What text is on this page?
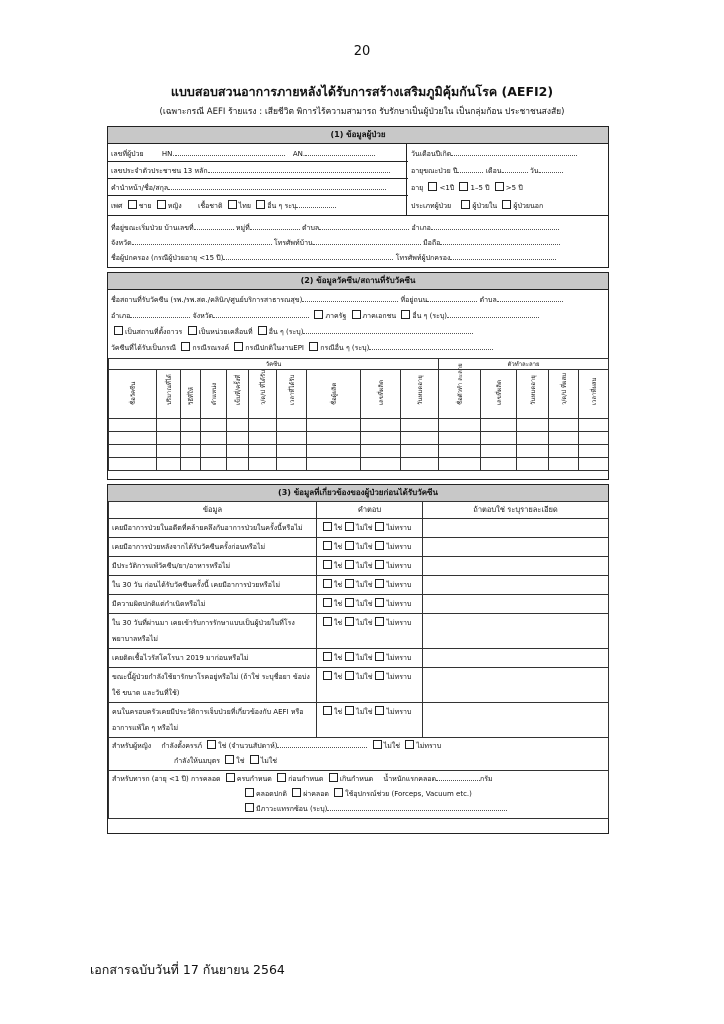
20
แบบสอบสวนอาการภายหลังได้รับการสร้างเสริมภูมิคุ้มกันโรค (AEFI2)
(เฉพาะกรณี AEFI ร้ายแรง : เสียชีวิต พิการไร้ความสามารถ รับรักษาเป็นผู้ป่วยใน เป็นกลุ่มก้อน ประชาชนสงสัย)
(1) ข้อมูลผู้ป่วย
เลขที่ผู้ป่วย	HN.	AN.	วันเดือนปีเกิด
เลขประจำตัวประชาชน 13 หลัก	อายุขณะป่วย ปี	เดือน	วัน
คำนำหน้า/ชื่อ/สกุล	อายุ <1ปี 1–5 ปี >5 ปี
เพศ ชาย หญิง เชื้อชาติ ไทย อื่น ๆ ระบุ	ประเภทผู้ป่วย	ผู้ป่วยใน ผู้ป่วยนอก
ที่อยู่ขณะเริ่มป่วย บ้านเลขที่	หมู่ที่	ตำบล	อำเภอ
จังหวัด	โทรศัพท์บ้าน	มือถือ
ชื่อผู้ปกครอง (กรณีผู้ป่วยอายุ <15 ปี)	โทรศัพท์ผู้ปกครอง
(2) ข้อมูลวัคซีน/สถานที่รับวัคซีน
ชื่อสถานที่รับวัคซีน (รพ./รพ.สต./คลินิก/ศูนย์บริการสาธารณสุข)	ที่อยู่ถนน	ตำบล
อำเภอ	จังหวัด	ภาครัฐ ภาคเอกชน อื่น ๆ (ระบุ)
เป็นสถานที่ตั้งถาวร เป็นหน่วยเคลื่อนที่ อื่น ๆ (ระบุ)
วัคซีนที่ได้รับเป็นกรณี กรณีรณรงค์ กรณีปกติในงานEPI กรณีอื่น ๆ (ระบุ)
วัคซีน										ตัวทำละลาย				

ชื่อวัคซีน	ปริมาณที่ได้	วิธีที่ให้	ตำแหน่ง	เข็มที่/ครั้งที่	ว/ด/ป ที่ได้รับ	เวลาที่ได้รับ	ชื่อผู้ผลิต	เลขที่ผลิต	วันหมดอายุ	ชื่อตัวทำ ละลาย	เลขที่ผลิต	วันหมดอายุ	ว/ด/ป ที่ผสม	เวลาที่ผสม

(3) ข้อมูลที่เกี่ยวข้องของผู้ป่วยก่อนได้รับวัคซีน
ข้อมูล	คำตอบ	ถ้าตอบใช่ ระบุรายละเอียด
เคยมีอาการป่วยในอดีตที่คล้ายคลึงกับอาการป่วยในครั้งนี้หรือไม่	ใช่ ไม่ใช่ ไม่ทราบ	
เคยมีอาการป่วยหลังจากได้รับวัคซีนครั้งก่อนหรือไม่	ใช่ ไม่ใช่ ไม่ทราบ	
มีประวัติการแพ้วัคซีน/ยา/อาหารหรือไม่	ใช่ ไม่ใช่ ไม่ทราบ	
ใน 30 วัน ก่อนได้รับวัคซีนครั้งนี้ เคยมีอาการป่วยหรือไม่	ใช่ ไม่ใช่ ไม่ทราบ	
มีความผิดปกติแต่กำเนิดหรือไม่	ใช่ ไม่ใช่ ไม่ทราบ	
ใน 30 วันที่ผ่านมา เคยเข้ารับการรักษาแบบเป็นผู้ป่วยในที่โรงพยาบาลหรือไม่	ใช่ ไม่ใช่ ไม่ทราบ	
เคยติดเชื้อไวรัสโคโรนา 2019 มาก่อนหรือไม่	ใช่ ไม่ใช่ ไม่ทราบ	
ขณะนี้ผู้ป่วยกำลังใช้ยารักษาโรคอยู่หรือไม่ (ถ้าใช่ ระบุชื่อยา ข้อบ่งใช้ ขนาด และวันที่ใช้)	ใช่ ไม่ใช่ ไม่ทราบ	
คนในครอบครัวเคยมีประวัติการเจ็บป่วยที่เกี่ยวข้องกับ AEFI หรืออาการแพ้ใด ๆ หรือไม่	ใช่ ไม่ใช่ ไม่ทราบ	
สำหรับผู้หญิง กำลังตั้งครรภ์ ใช่ (จำนวนสัปดาห์) ไม่ใช่ ไม่ทราบ
กำลังให้นมบุตร ใช่ ไม่ใช่		
สำหรับทารก (อายุ <1 ปี) การคลอด ครบกำหนด ก่อนกำหนด เกินกำหนด น้ำหนักแรกคลอด กรัม
คลอดปกติ ผ่าคลอด ใช้อุปกรณ์ช่วย (Forceps, Vacuum etc.)
มีภาวะแทรกซ้อน (ระบุ)		
เอกสารฉบับวันที่ 17 กันยายน 2564
